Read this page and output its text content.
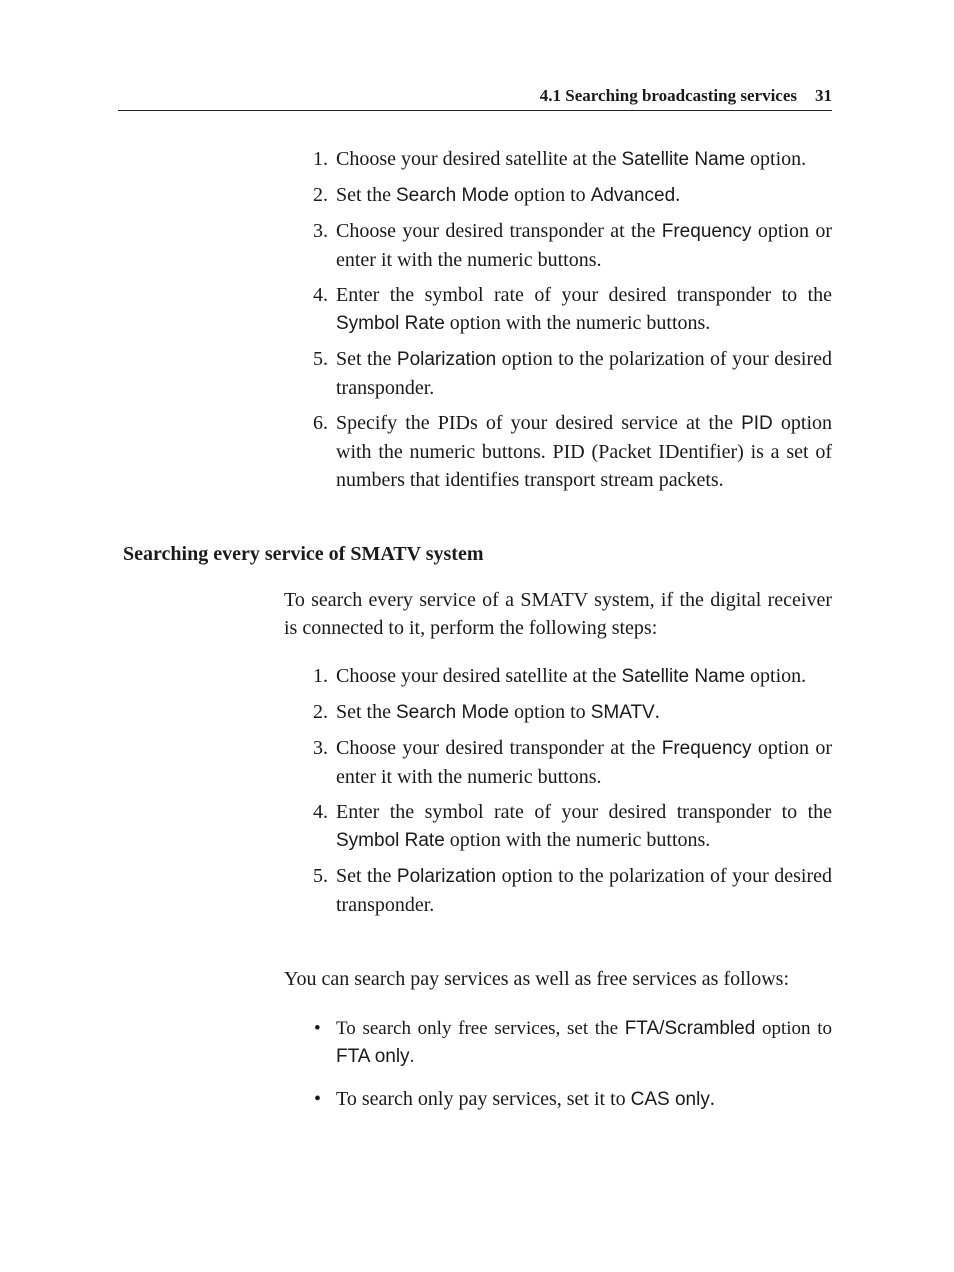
4.1 Searching broadcasting services 31
1. Choose your desired satellite at the Satellite Name option.
2. Set the Search Mode option to Advanced.
3. Choose your desired transponder at the Frequency option or enter it with the numeric buttons.
4. Enter the symbol rate of your desired transponder to the Symbol Rate option with the numeric buttons.
5. Set the Polarization option to the polarization of your desired transponder.
6. Specify the PIDs of your desired service at the PID option with the numeric buttons. PID (Packet IDentifier) is a set of numbers that identifies transport stream packets.
Searching every service of SMATV system

To search every service of a SMATV system, if the digital receiver is connected to it, perform the following steps:

1. Choose your desired satellite at the Satellite Name option.
2. Set the Search Mode option to SMATV.
3. Choose your desired transponder at the Frequency option or enter it with the numeric buttons.
4. Enter the symbol rate of your desired transponder to the Symbol Rate option with the numeric buttons.
5. Set the Polarization option to the polarization of your desired transponder.

You can search pay services as well as free services as follows:

• To search only free services, set the FTA/Scrambled option to FTA only.
• To search only pay services, set it to CAS only.
